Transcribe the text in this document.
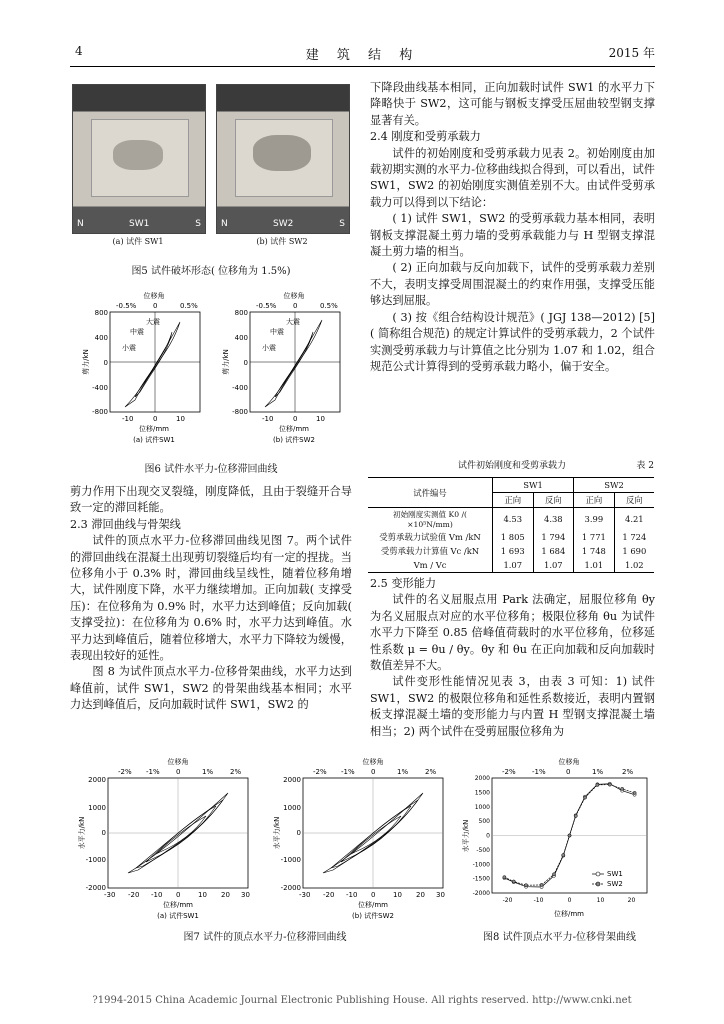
4	建 筑 结 构	2015 年
N	SW1	S N	SW2	S
(a) 试件 SW1	(b) 试件 SW2
图5 试件破坏形态( 位移角为 1.5%)
位移角	位移角
-0.5% 0	0.5%	-0.5% 0	0.5%
800
400
0
-400
-800
800
400
0
-400
-800
剪力/kN	剪力/kN
-10	0	10	-10	0	10
位移/mm	位移/mm
(a) 试件SW1	(b) 试件SW2
大震
中震
小震
大震
中震
小震
图6 试件水平力-位移滞回曲线

剪力作用下出现交叉裂缝，刚度降低，且由于裂缝开合导致一定的滞回耗能。

2.3 滞回曲线与骨架线

试件的顶点水平力-位移滞回曲线见图 7。两个试件的滞回曲线在混凝土出现剪切裂缝后均有一定的捏拢。当位移角小于 0.3% 时，滞回曲线呈线性，随着位移角增大，试件刚度下降，水平力继续增加。正向加载( 支撑受压)：在位移角为 0.9% 时，水平力达到峰值；反向加载( 支撑受拉)：在位移角为 0.6% 时，水平力达到峰值。水平力达到峰值后，随着位移增大，水平力下降较为缓慢，表现出较好的延性。

图 8 为试件顶点水平力-位移骨架曲线，水平力达到峰值前，试件 SW1，SW2 的骨架曲线基本相同；水平力达到峰值后，反向加载时试件 SW1，SW2 的

下降段曲线基本相同，正向加载时试件 SW1 的水平力下降略快于 SW2，这可能与钢板支撑受压屈曲较型钢支撑显著有关。

2.4 刚度和受剪承载力

试件的初始刚度和受剪承载力见表 2。初始刚度由加载初期实测的水平力-位移曲线拟合得到，可以看出，试件 SW1，SW2 的初始刚度实测值差别不大。由试件受剪承载力可以得到以下结论：

( 1) 试件 SW1，SW2 的受剪承载力基本相同，表明钢板支撑混凝土剪力墙的受剪承载能力与 H 型钢支撑混凝土剪力墙的相当。

( 2) 正向加载与反向加载下，试件的受剪承载力差别不大，表明支撑受周围混凝土的约束作用强，支撑受压能够达到屈服。

( 3) 按《组合结构设计规范》( JGJ 138—2012) [5]( 简称组合规范) 的规定计算试件的受剪承载力，2 个试件实测受剪承载力与计算值之比分别为 1.07 和 1.02，组合规范公式计算得到的受剪承载力略小，偏于安全。

试件初始刚度和受剪承载力	表 2
试件编号	SW1		SW2	
	正向	反向	正向	反向
初始刚度实测值 K0 /( ×10⁵N/mm)	4.53	4.38	3.99	4.21
受剪承载力试验值 Vm /kN	1 805	1 794	1 771	1 724
受剪承载力计算值 Vc /kN	1 693	1 684	1 748	1 690
Vm / Vc	1.07	1.07	1.01	1.02

2.5 变形能力

试件的名义屈服点用 Park 法确定，屈服位移角 θy 为名义屈服点对应的水平位移角；极限位移角 θu 为试件水平力下降至 0.85 倍峰值荷载时的水平位移角，位移延性系数 μ = θu / θy。θy 和 θu 在正向加载和反向加载时数值差异不大。

试件变形性能情况见表 3，由表 3 可知：1) 试件 SW1，SW2 的极限位移角和延性系数接近，表明内置钢板支撑混凝土墙的变形能力与内置 H 型钢支撑混凝土墙相当；2) 两个试件在受剪屈服位移角为

位移角	位移角
-2% -1% 0	1% 2%	-2% -1% 0	1% 2%
2000
1000
0
-1000
-2000
2000
1000
0
-1000
-2000
水平力/kN	水平力/kN
-30 -20 -10 0	10 20 30	-30 -20 -10 0	10 20 30
位移/mm	位移/mm
(a) 试件SW1	(b) 试件SW2
图7 试件的顶点水平力-位移滞回曲线
位移角
-2% -1%	0	1%	2%
水平力/kN
位移/mm
-2000
-1500
-1000
-500
0
500
1000
1500
2000
-20	-10	0	10	20
SW1
SW2
图8 试件顶点水平力-位移骨架曲线
?1994-2015 China Academic Journal Electronic Publishing House. All rights reserved. http://www.cnki.net
